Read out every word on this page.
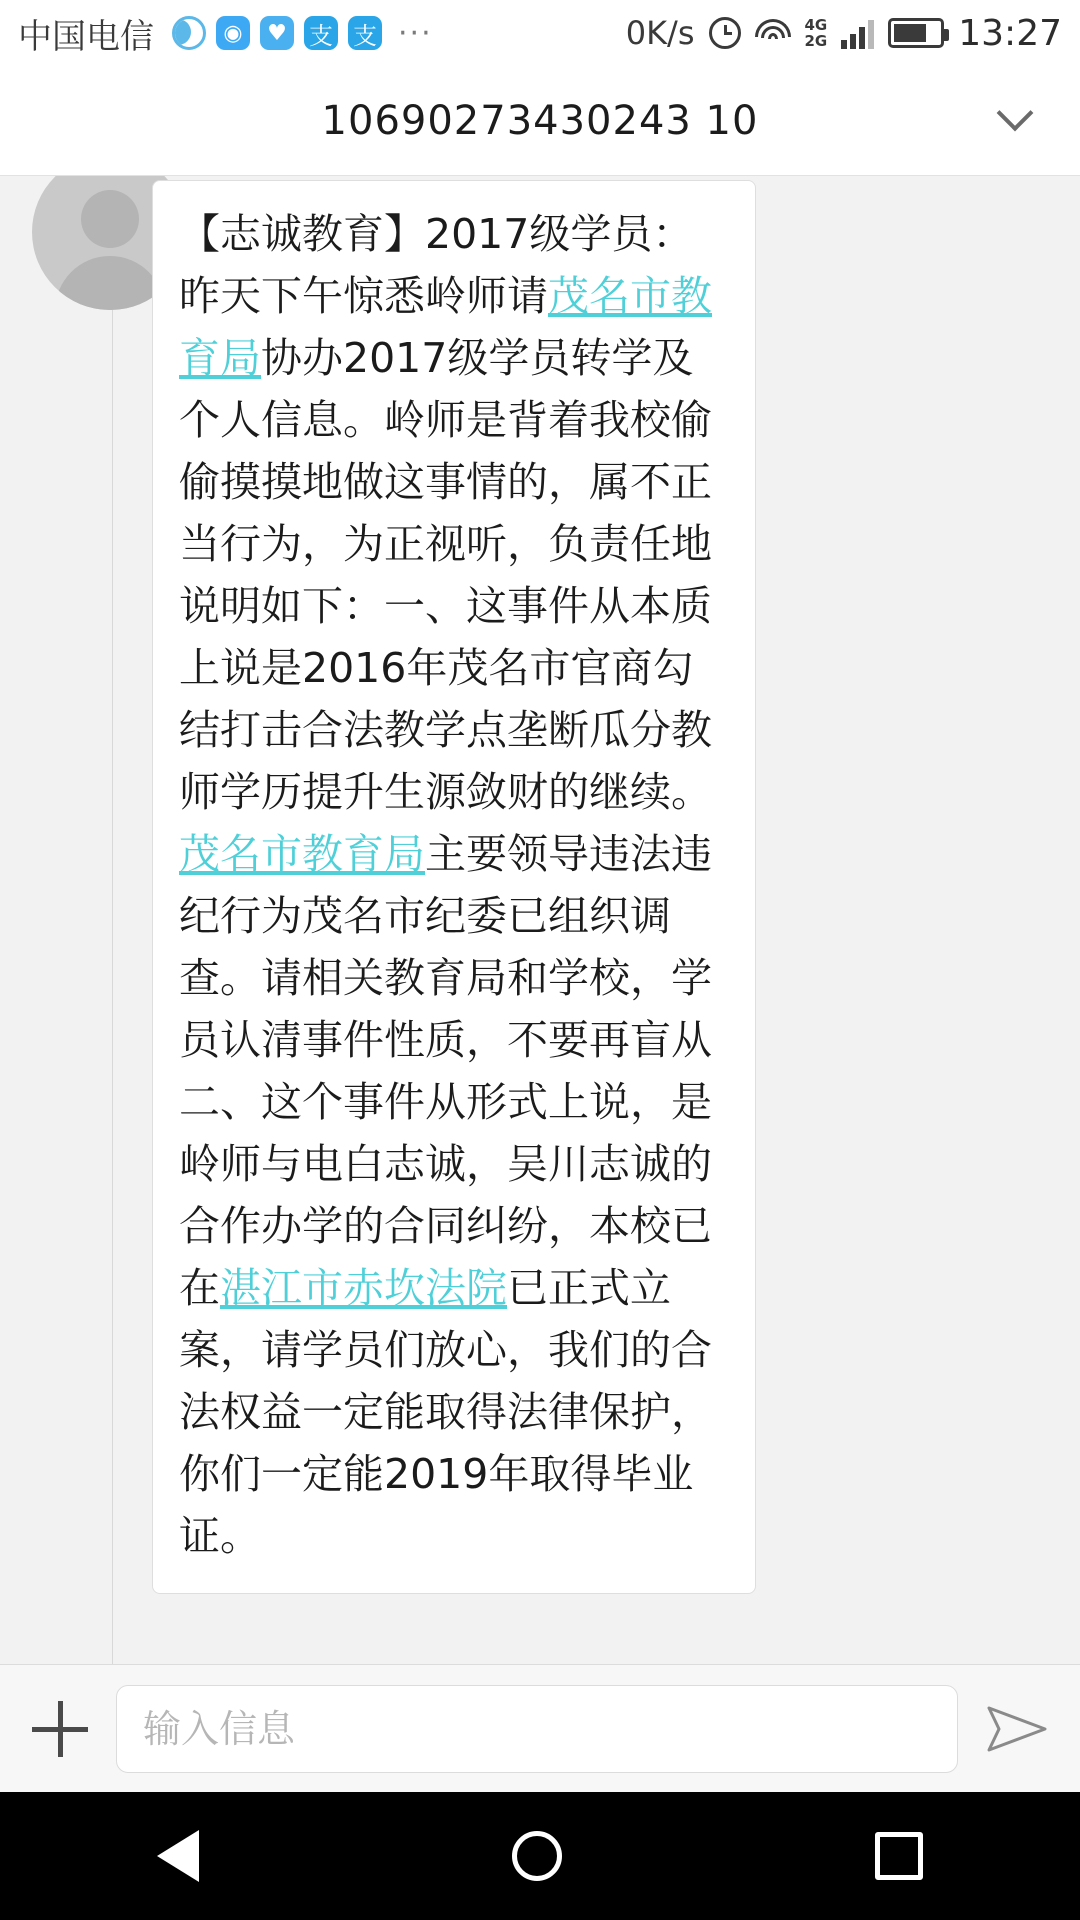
中国电信	◉	♥ 支 支 ···	0K/s	4G
2G	13:27
10690273430243 10
【志诚教育】2017级学员：昨天下午惊悉岭师请茂名市教育局协办2017级学员转学及个人信息。岭师是背着我校偷偷摸摸地做这事情的，属不正当行为，为正视听，负责任地说明如下：一、这事件从本质上说是2016年茂名市官商勾结打击合法教学点垄断瓜分教师学历提升生源敛财的继续。茂名市教育局主要领导违法违纪行为茂名市纪委已组织调查。请相关教育局和学校，学员认清事件性质，不要再盲从二、这个事件从形式上说，是岭师与电白志诚，吴川志诚的合作办学的合同纠纷，本校已在湛江市赤坎法院已正式立案，请学员们放心，我们的合法权益一定能取得法律保护，你们一定能2019年取得毕业证。
输入信息
